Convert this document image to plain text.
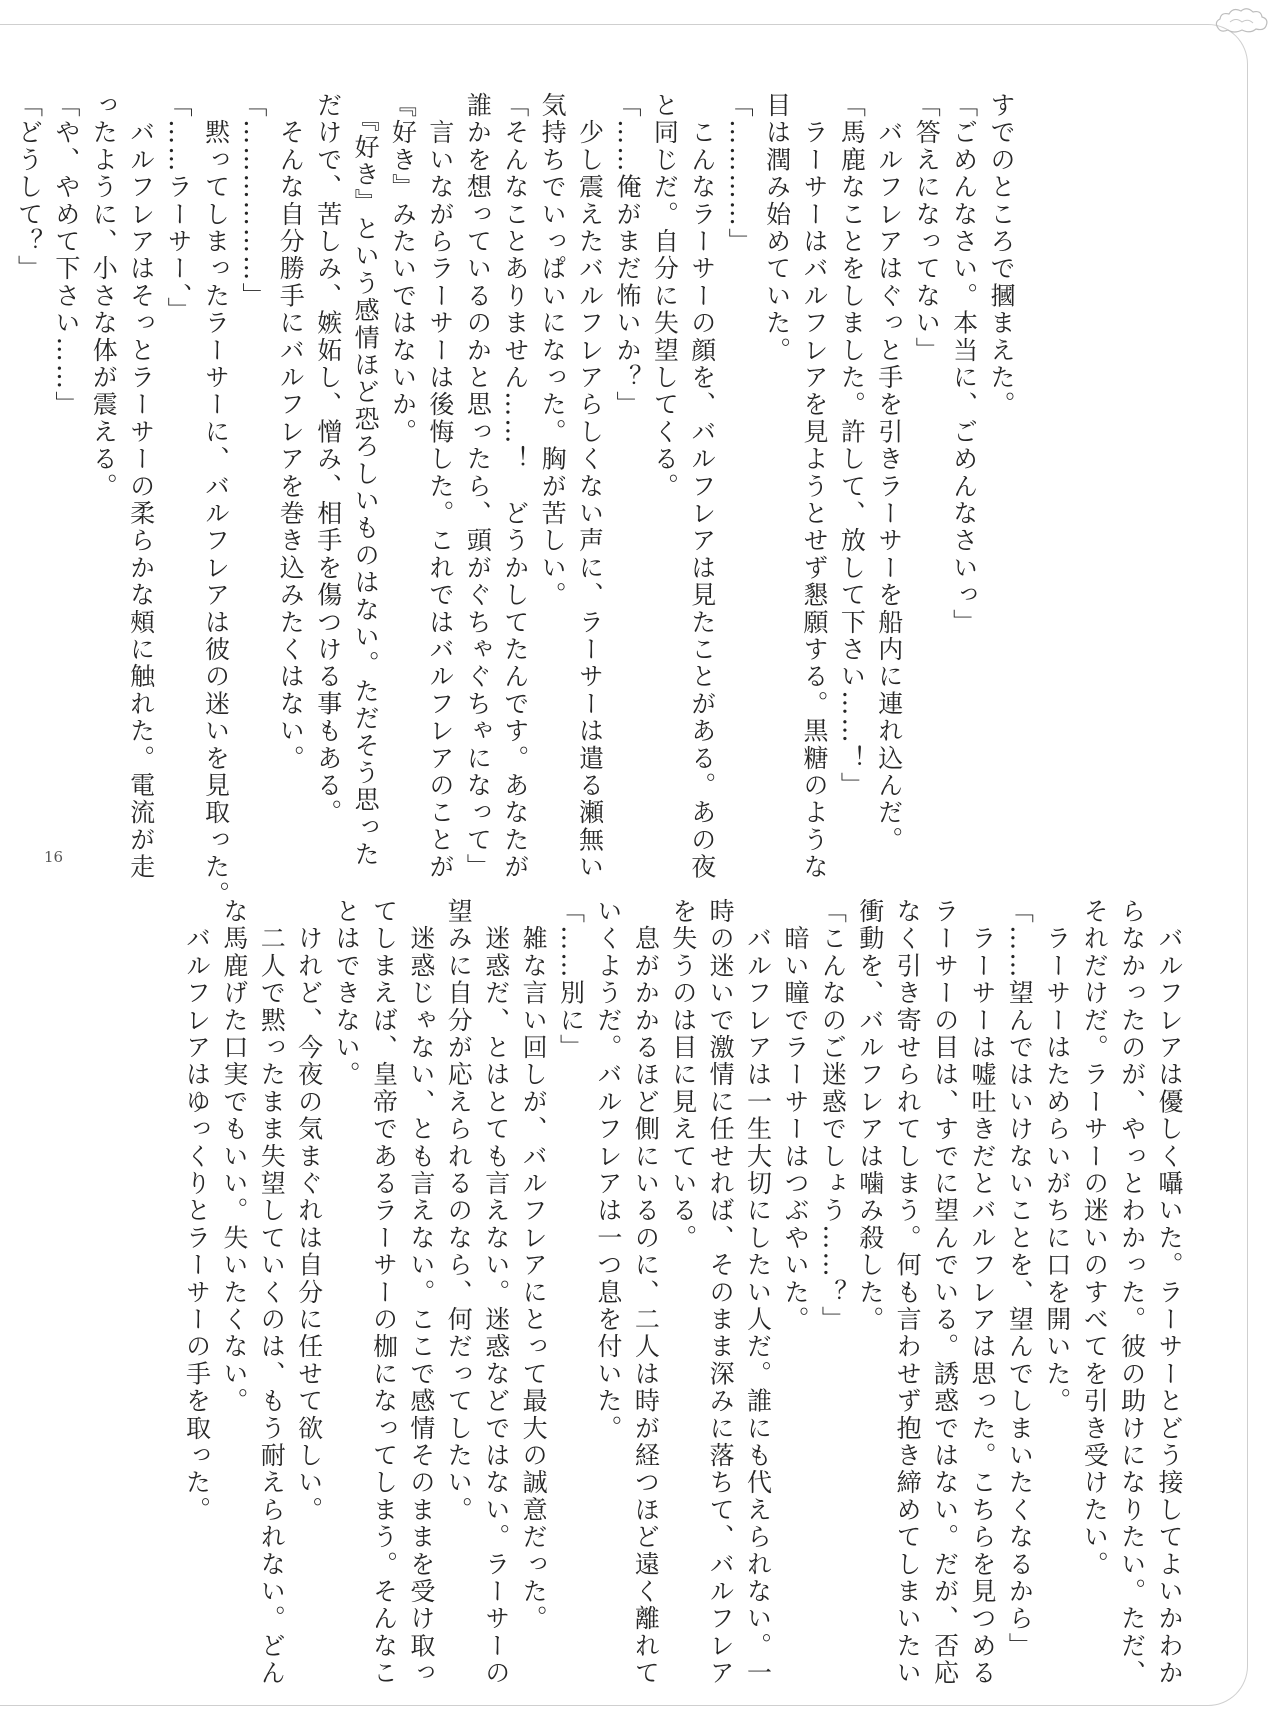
すでのところで摑まえた。
「ごめんなさい。本当に、ごめんなさいっ」
「答えになってない」
　バルフレアはぐっと手を引きラーサーを船内に連れ込んだ。
「馬鹿なことをしました。許して、放して下さい……！」
　ラーサーはバルフレアを見ようとせず懇願する。黒糖のような
目は潤み始めていた。
「…………」
　こんなラーサーの顔を、バルフレアは見たことがある。あの夜
と同じだ。自分に失望してくる。
「……俺がまだ怖いか？」
　少し震えたバルフレアらしくない声に、ラーサーは遣る瀬無い
気持ちでいっぱいになった。胸が苦しい。
「そんなことありません……！　どうかしてたんです。あなたが
誰かを想っているのかと思ったら、頭がぐちゃぐちゃになって」
　言いながらラーサーは後悔した。これではバルフレアのことが
『好き』みたいではないか。
　『好き』という感情ほど恐ろしいものはない。ただそう思った
だけで、苦しみ、嫉妬し、憎み、相手を傷つける事もある。
　そんな自分勝手にバルフレアを巻き込みたくはない。
「………………」
　黙ってしまったラーサーに、バルフレアは彼の迷いを見取った。
「……ラーサー、」
　バルフレアはそっとラーサーの柔らかな頰に触れた。電流が走
ったように、小さな体が震える。
「や、やめて下さい……」
「どうして？」
　バルフレアは優しく囁いた。ラーサーとどう接してよいかわか
らなかったのが、やっとわかった。彼の助けになりたい。ただ、
それだけだ。ラーサーの迷いのすべてを引き受けたい。
　ラーサーはためらいがちに口を開いた。
「……望んではいけないことを、望んでしまいたくなるから」
　ラーサーは嘘吐きだとバルフレアは思った。こちらを見つめる
ラーサーの目は、すでに望んでいる。誘惑ではない。だが、否応
なく引き寄せられてしまう。何も言わせず抱き締めてしまいたい
衝動を、バルフレアは噛み殺した。
「こんなのご迷惑でしょう……？」
　暗い瞳でラーサーはつぶやいた。
　バルフレアは一生大切にしたい人だ。誰にも代えられない。一
時の迷いで激情に任せれば、そのまま深みに落ちて、バルフレア
を失うのは目に見えている。
　息がかかるほど側にいるのに、二人は時が経つほど遠く離れて
いくようだ。バルフレアは一つ息を付いた。
「……別に」
　雑な言い回しが、バルフレアにとって最大の誠意だった。
　迷惑だ、とはとても言えない。迷惑などではない。ラーサーの
望みに自分が応えられるのなら、何だってしたい。
　迷惑じゃない、とも言えない。ここで感情そのままを受け取っ
てしまえば、皇帝であるラーサーの枷になってしまう。そんなこ
とはできない。
　けれど、今夜の気まぐれは自分に任せて欲しい。
　二人で黙ったまま失望していくのは、もう耐えられない。どん
な馬鹿げた口実でもいい。失いたくない。
　バルフレアはゆっくりとラーサーの手を取った。
16
